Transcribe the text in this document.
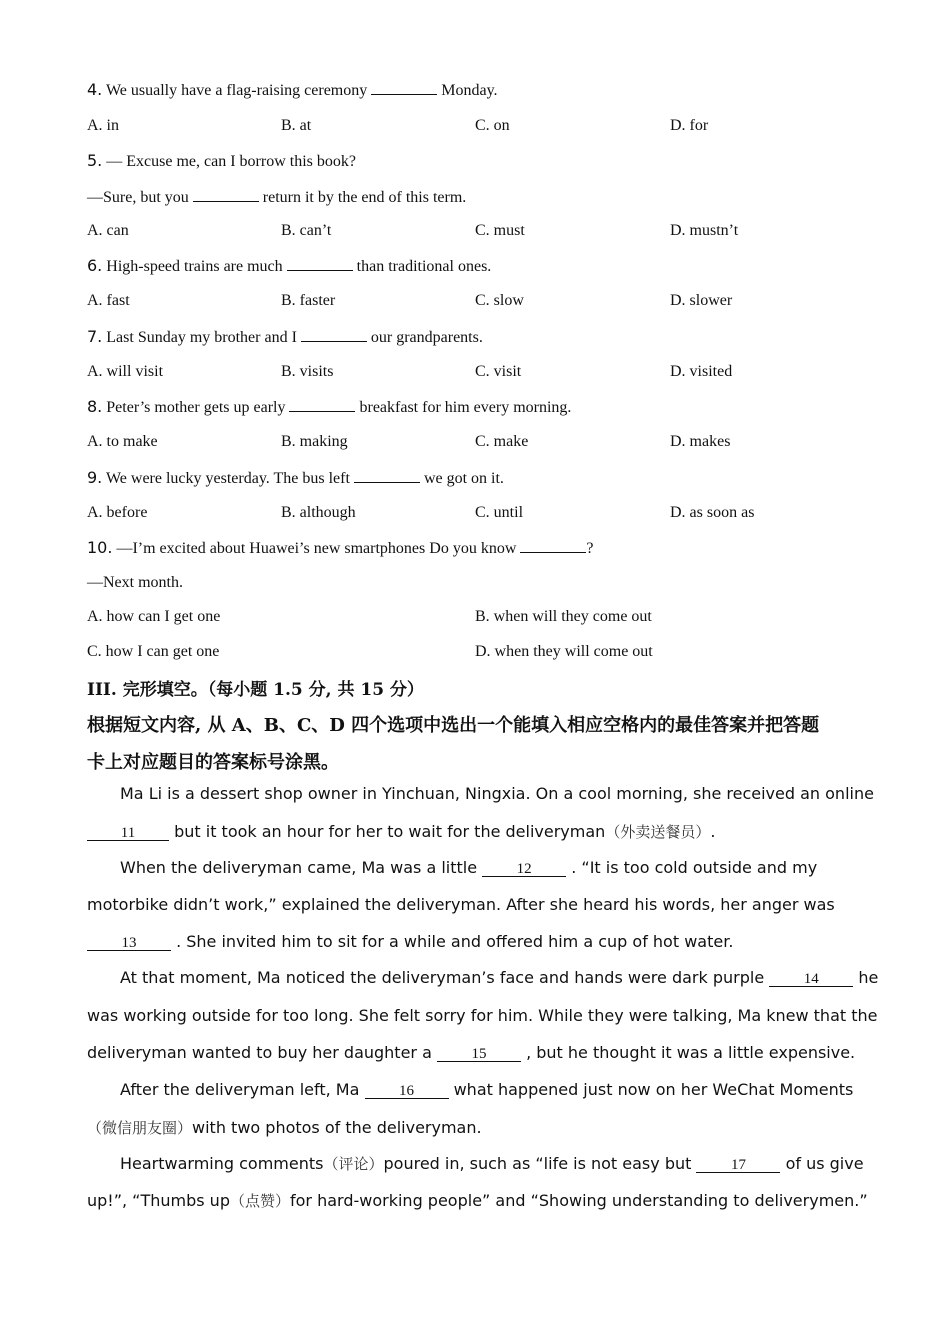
4. We usually have a flag-raising ceremony	Monday.
A. in	B. at	C. on	D. for
5. — Excuse me, can I borrow this book?
—Sure, but you	return it by the end of this term.
A. can	B. can’t	C. must	D. mustn’t
6. High-speed trains are much	than traditional ones.
A. fast	B. faster	C. slow	D. slower
7. Last Sunday my brother and I	our grandparents.
A. will visit	B. visits	C. visit	D. visited
8. Peter’s mother gets up early	breakfast for him every morning.
A. to make	B. making	C. make	D. makes
9. We were lucky yesterday. The bus left	we got on it.
A. before	B. although	C. until	D. as soon as
10. —I’m excited about Huawei’s new smartphones Do you know	?
—Next month.
A. how can I get one	B. when will they come out
C. how I can get one	D. when they will come out
III. 完形填空。（每小题 1.5 分, 共 15 分）
根据短文内容, 从 A、B、C、D 四个选项中选出一个能填入相应空格内的最佳答案并把答题
卡上对应题目的答案标号涂黑。
Ma Li is a dessert shop owner in Yinchuan, Ningxia. On a cool morning, she received an online
11 but it took an hour for her to wait for the deliveryman（外卖送餐员）.
When the deliveryman came, Ma was a little 12 . “It is too cold outside and my
motorbike didn’t work,” explained the deliveryman. After she heard his words, her anger was
13 . She invited him to sit for a while and offered him a cup of hot water.
At that moment, Ma noticed the deliveryman’s face and hands were dark purple 14 he
was working outside for too long. She felt sorry for him. While they were talking, Ma knew that the
deliveryman wanted to buy her daughter a 15 , but he thought it was a little expensive.
After the deliveryman left, Ma 16 what happened just now on her WeChat Moments
（微信朋友圈）with two photos of the deliveryman.
Heartwarming comments（评论）poured in, such as “life is not easy but 17 of us give
up!”, “Thumbs up（点赞）for hard-working people” and “Showing understanding to deliverymen.”
